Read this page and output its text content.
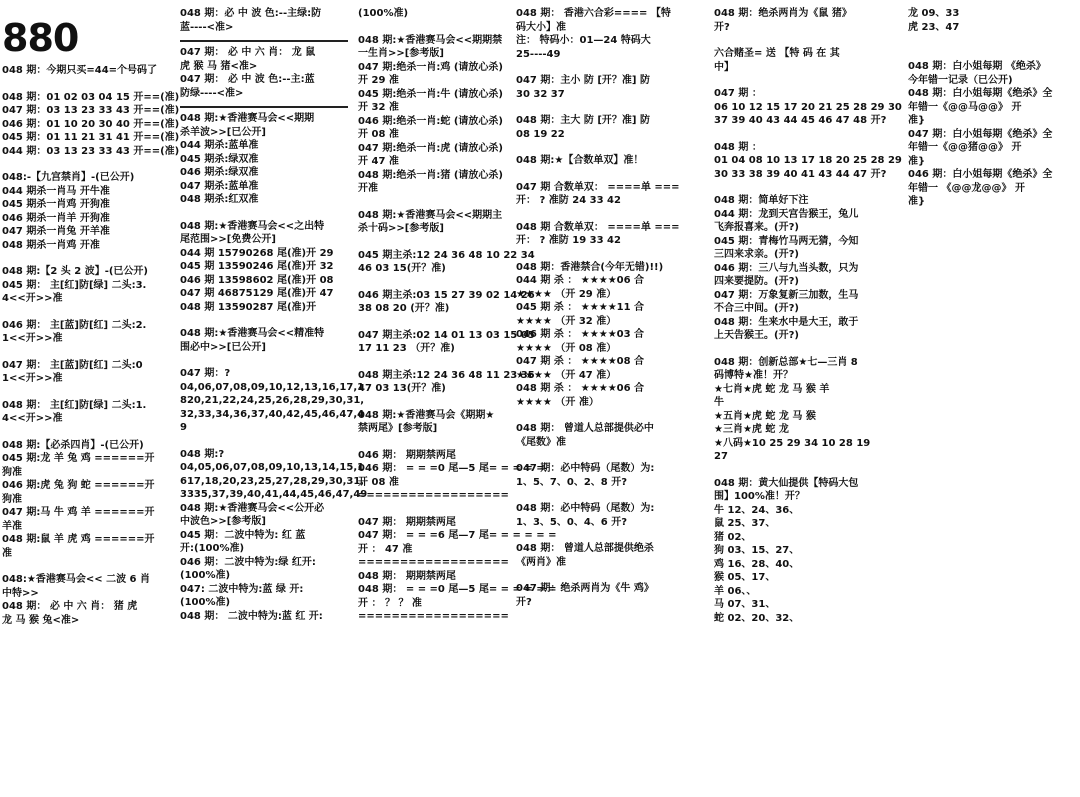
880
048 期：今期只买=44=个号码了
048 期：01 02 03 04 15 开==(准)
047 期：03 13 23 33 43 开==(准)
046 期：01 10 20 30 40 开==(准)
045 期：01 11 21 31 41 开==(准)
044 期：03 13 23 33 43 开==(准)
048:-【九宫禁肖】-(已公开)
044 期杀一肖马 开牛准
045 期杀一肖鸡 开狗准
046 期杀一肖羊 开狗准
047 期杀一肖兔 开羊准
048 期杀一肖鸡 开准
048 期:【2 头 2 波】-(已公开)
045 期： 主[红]防[绿] 二头:3.
4<<开>>准
046 期： 主[蓝]防[红] 二头:2.
1<<开>>准
047 期： 主[蓝]防[红] 二头:0
1<<开>>准
048 期： 主[红]防[绿] 二头:1.
4<<开>>准
048 期:【必杀四肖】-(已公开)
045 期:龙 羊 兔 鸡 ======开
狗准
046 期:虎 兔 狗 蛇 ======开
狗准
047 期:马 牛 鸡 羊 ======开
羊准
048 期:鼠 羊 虎 鸡 ======开
准
048:★香港赛马会<< 二波 6 肖
中特>>
048 期： 必 中 六 肖： 猪 虎
龙 马 猴 兔<准>
048 期：必 中 波 色:--主绿:防
蓝----<准>
047 期： 必 中 六 肖： 龙 鼠
虎 猴 马 猪<准>
047 期： 必 中 波 色:--主:蓝
防绿----<准>
048 期:★香港赛马会<<期期
杀羊波>>[已公开]
044 期杀:蓝单准
045 期杀:绿双准
046 期杀:绿双准
047 期杀:蓝单准
048 期杀:红双准
048 期:★香港赛马会<<之出特
尾范围>>[免费公开]
044 期 15790268 尾(准)开 29
045 期 13590246 尾(准)开 32
046 期 13598602 尾(准)开 08
047 期 46875129 尾(准)开 47
048 期 13590287 尾(准)开
048 期:★香港赛马会<<精准特
围必中>>[已公开]
047 期：?
04,06,07,08,09,10,12,13,16,17,1
820,21,22,24,25,26,28,29,30,31,
32,33,34,36,37,40,42,45,46,47,4
9
048 期:?
04,05,06,07,08,09,10,13,14,15,1
617,18,20,23,25,27,28,29,30,31,
3335,37,39,40,41,44,45,46,47,49
048 期:★香港赛马会<<公开必
中波色>>[参考版]
045 期：二波中特为: 红 蓝
开:(100%准)
046 期：二波中特为:绿 红开:
(100%准)
047: 二波中特为:蓝 绿 开:
(100%准)
048 期： 二波中特为:蓝 红 开:
(100%准)
048 期:★香港赛马会<<期期禁
一生肖>>[参考版]
047 期:绝杀一肖:鸡 (请放心杀)
开 29 准
045 期:绝杀一肖:牛 (请放心杀)
开 32 准
046 期:绝杀一肖:蛇 (请放心杀)
开 08 准
047 期:绝杀一肖:虎 (请放心杀)
开 47 准
048 期:绝杀一肖:猪 (请放心杀)
开准
048 期:★香港赛马会<<期期主
杀十码>>[参考版]
045 期主杀:12 24 36 48 10 22 34
46 03 15(开？准)
046 期主杀:03 15 27 39 02 14 26
38 08 20 (开？准)
047 期主杀:02 14 01 13 03 15 05
17 11 23 （开？准)
048 期主杀:12 24 36 48 11 23 35
47 03 13(开？准)
048 期:★香港赛马会《期期★
禁两尾》[参考版]
046 期： 期期禁两尾
046 期： = = =0 尾—5 尾= = = = =
开 08 准
==================
047 期： 期期禁两尾
047 期： = = =6 尾—7 尾= = = = = =
开 ： 47 准
==================
048 期： 期期禁两尾
048 期： = = =0 尾—5 尾= = = = = =
开 ： ？ ？ 准
==================
048 期： 香港六合彩==== 【特
码大小】准
注： 特码小：01—24 特码大
25----49
047 期：主小 防 [开？准] 防
30 32 37
048 期：主大 防 [开？准] 防
08 19 22
048 期:★【合数单双】准！
047 期 合数单双： ====单 ===
开： ? 准防 24 33 42
048 期 合数单双： ====单 ===
开： ? 准防 19 33 42
048 期：香港禁合(今年无错)!!)
044 期 杀 ： ★★★★06 合
★★★★ （开 29 准）
045 期 杀 ： ★★★★11 合
★★★★ （开 32 准）
046 期 杀 ： ★★★★03 合
★★★★ （开 08 准）
047 期 杀 ： ★★★★08 合
★★★★ （开 47 准）
048 期 杀 ： ★★★★06 合
★★★★ （开 准）
048 期： 曾道人总部提供必中
《尾数》准
047 期：必中特码（尾数）为:
1、5、7、0、2、8 开?
048 期：必中特码（尾数）为:
1、3、5、0、4、6 开?
048 期： 曾道人总部提供绝杀
《两肖》准
047 期：绝杀两肖为《牛 鸡》
开?
048 期：绝杀两肖为《鼠 猪》
开?
六合赌圣= 送 【特 码 在 其
中】
047 期 ：
06 10 12 15 17 20 21 25 28 29 30
37 39 40 43 44 45 46 47 48 开?
048 期 ：
01 04 08 10 13 17 18 20 25 28 29
30 33 38 39 40 41 43 44 47 开?
048 期：简单好下注
044 期：龙到天宫告猴王，兔儿
飞奔报喜来。(开?)
045 期：青梅竹马两无猜，今知
三四来求亲。(开?)
046 期：三八与九当头数，只为
四来要提防。(开?)
047 期：万象复新三加数，生马
不合三中间。(开?)
048 期：生来水中是大王，敢于
上天告猴王。(开?)
048 期：创新总部★七—三肖 8
码博特★准！开？
★七肖★虎 蛇 龙 马 猴 羊
牛
★五肖★虎 蛇 龙 马 猴
★三肖★虎 蛇 龙
★八码★10 25 29 34 10 28 19
27
048 期：黄大仙提供【特码大包
围】100%准！开？
牛 12、24、36、
鼠 25、37、
猪 02、
狗 03、15、27、
鸡 16、28、40、
猴 05、17、
羊 06、、
马 07、31、
蛇 02、20、32、
龙 09、33
虎 23、47
048 期：白小姐每期 《绝杀》
今年错一记录（已公开)
048 期：白小姐每期《绝杀》全
年错一《@@马@@》 开
准}
047 期：白小姐每期《绝杀》全
年错一《@@猪@@》 开
准}
046 期：白小姐每期《绝杀》全
年错一 《@@龙@@》 开
准}
